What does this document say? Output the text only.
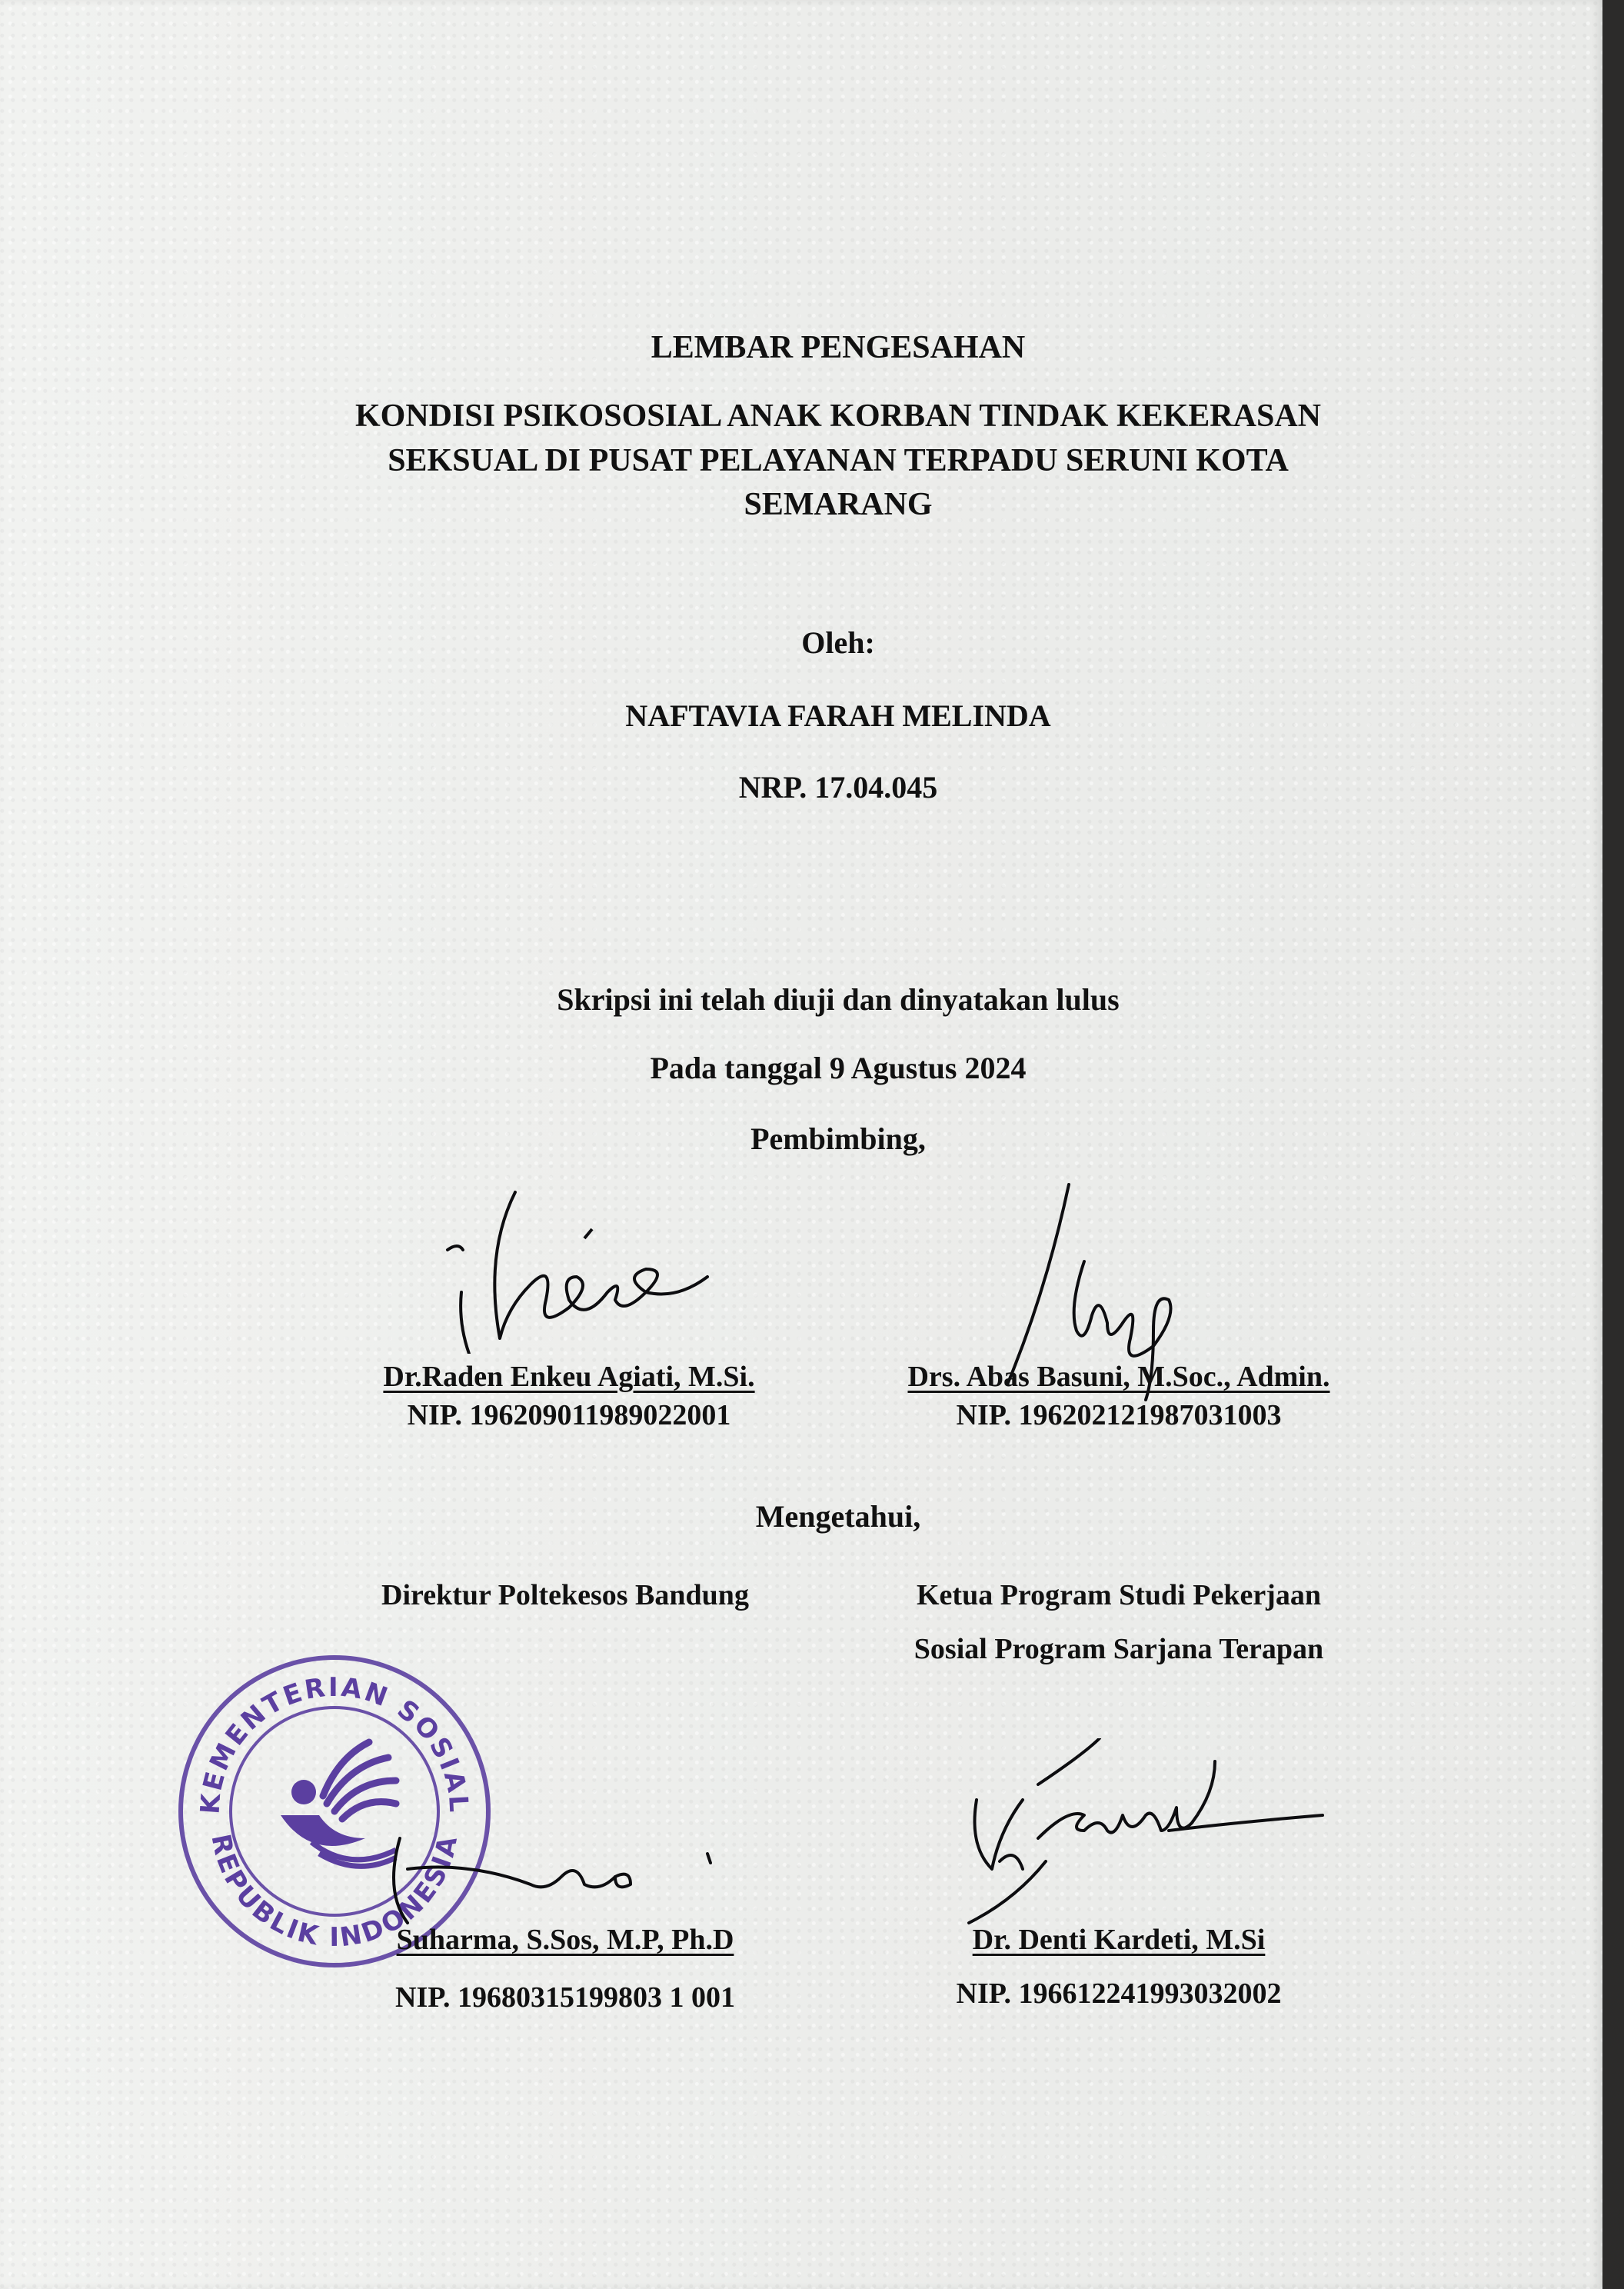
LEMBAR PENGESAHAN
KONDISI PSIKOSOSIAL ANAK KORBAN TINDAK KEKERASAN
SEKSUAL DI PUSAT PELAYANAN TERPADU SERUNI KOTA
SEMARANG
Oleh:
NAFTAVIA FARAH MELINDA
NRP. 17.04.045
Skripsi ini telah diuji dan dinyatakan lulus
Pada tanggal 9 Agustus 2024
Pembimbing,
Dr.Raden Enkeu Agiati, M.Si.
NIP. 196209011989022001
Drs. Abas Basuni, M.Soc., Admin.
NIP. 196202121987031003
Mengetahui,
Direktur Poltekesos Bandung	Ketua Program Studi Pekerjaan
Sosial Program Sarjana Terapan
KEMENTERIAN SOSIAL
REPUBLIK INDONESIA
Suharma, S.Sos, M.P, Ph.D
NIP. 19680315199803 1 001
Dr. Denti Kardeti, M.Si
NIP. 196612241993032002
